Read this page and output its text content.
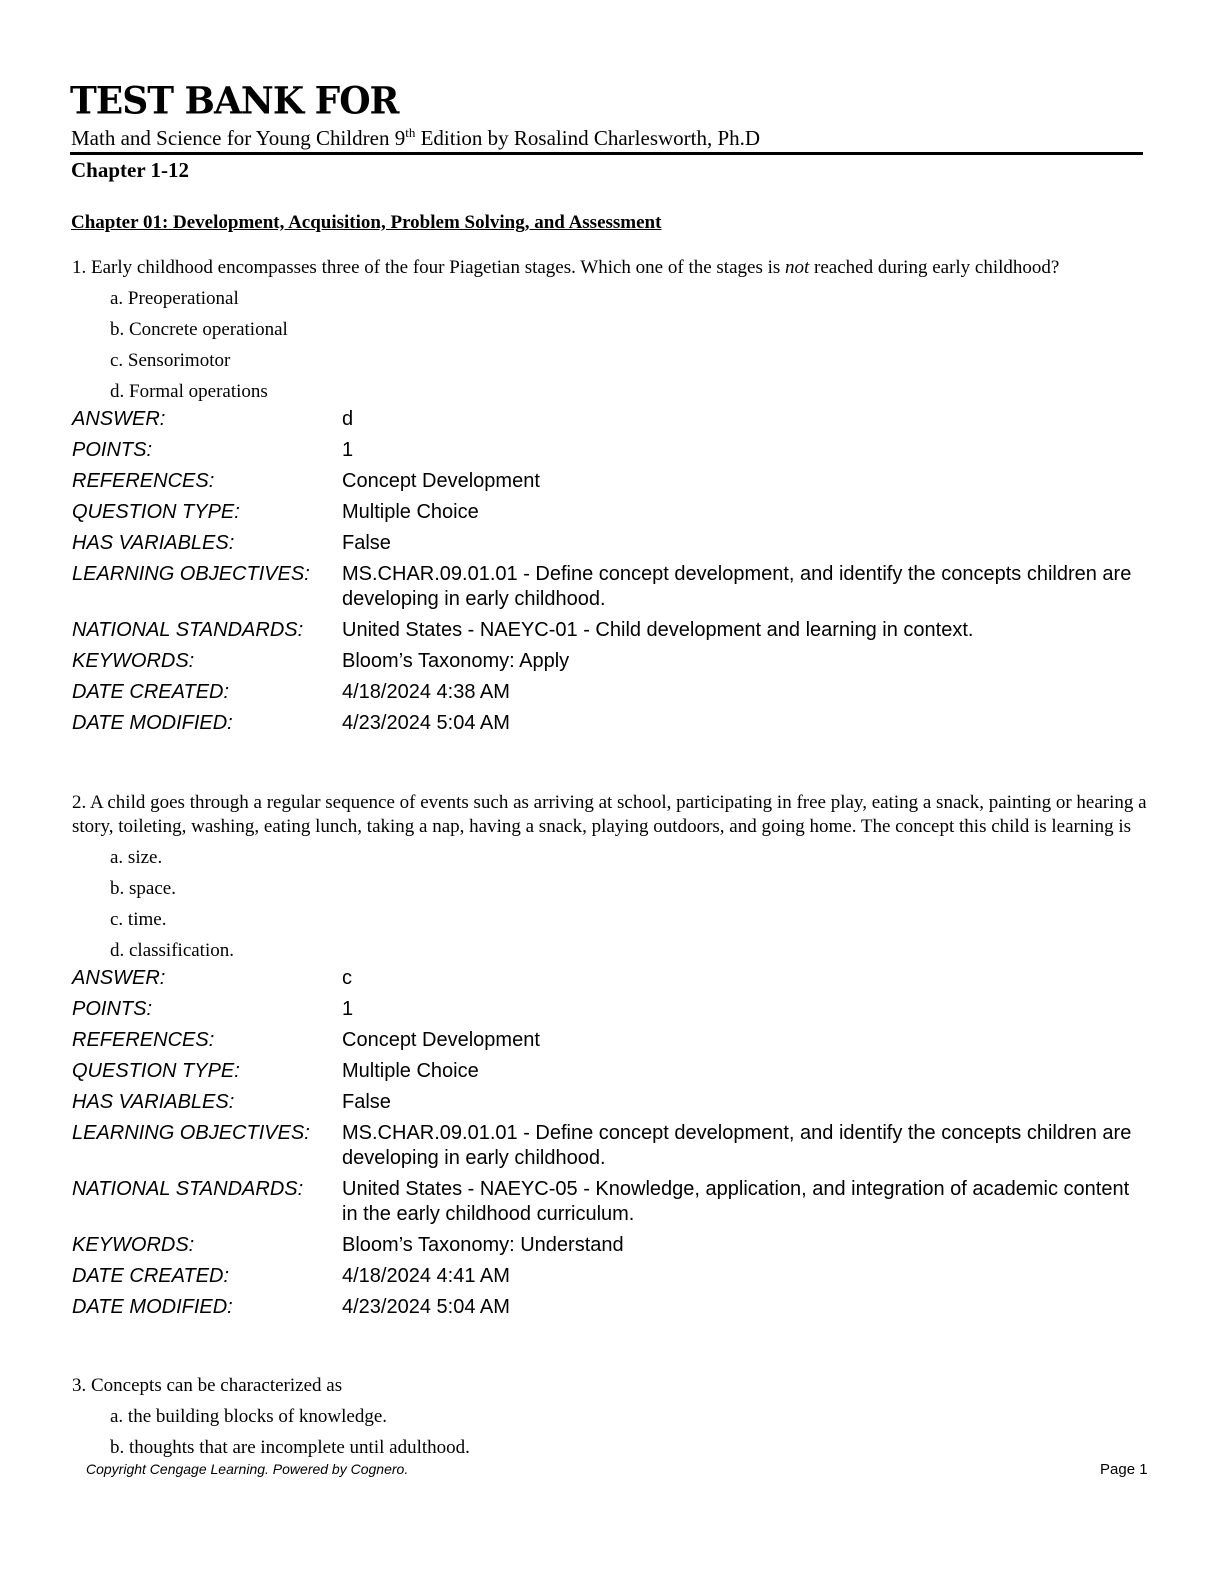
TEST BANK FOR
Math and Science for Young Children 9th Edition by Rosalind Charlesworth, Ph.D
Chapter 1-12
Chapter 01: Development, Acquisition, Problem Solving, and Assessment
1. Early childhood encompasses three of the four Piagetian stages. Which one of the stages is not reached during early childhood?
a. Preoperational
b. Concrete operational
c. Sensorimotor
d. Formal operations
ANSWER:	d
POINTS:	1
REFERENCES:	Concept Development
QUESTION TYPE:	Multiple Choice
HAS VARIABLES:	False
LEARNING OBJECTIVES:	MS.CHAR.09.01.01 - Define concept development, and identify the concepts children are developing in early childhood.
NATIONAL STANDARDS:	United States - NAEYC-01 - Child development and learning in context.
KEYWORDS:	Bloom’s Taxonomy: Apply
DATE CREATED:	4/18/2024 4:38 AM
DATE MODIFIED:	4/23/2024 5:04 AM
2. A child goes through a regular sequence of events such as arriving at school, participating in free play, eating a snack, painting or hearing a story, toileting, washing, eating lunch, taking a nap, having a snack, playing outdoors, and going home. The concept this child is learning is
a. size.
b. space.
c. time.
d. classification.
ANSWER:	c
POINTS:	1
REFERENCES:	Concept Development
QUESTION TYPE:	Multiple Choice
HAS VARIABLES:	False
LEARNING OBJECTIVES:	MS.CHAR.09.01.01 - Define concept development, and identify the concepts children are developing in early childhood.
NATIONAL STANDARDS:	United States - NAEYC-05 - Knowledge, application, and integration of academic content in the early childhood curriculum.
KEYWORDS:	Bloom’s Taxonomy: Understand
DATE CREATED:	4/18/2024 4:41 AM
DATE MODIFIED:	4/23/2024 5:04 AM
3. Concepts can be characterized as
a. the building blocks of knowledge.
b. thoughts that are incomplete until adulthood.
Copyright Cengage Learning. Powered by Cognero.	Page 1
